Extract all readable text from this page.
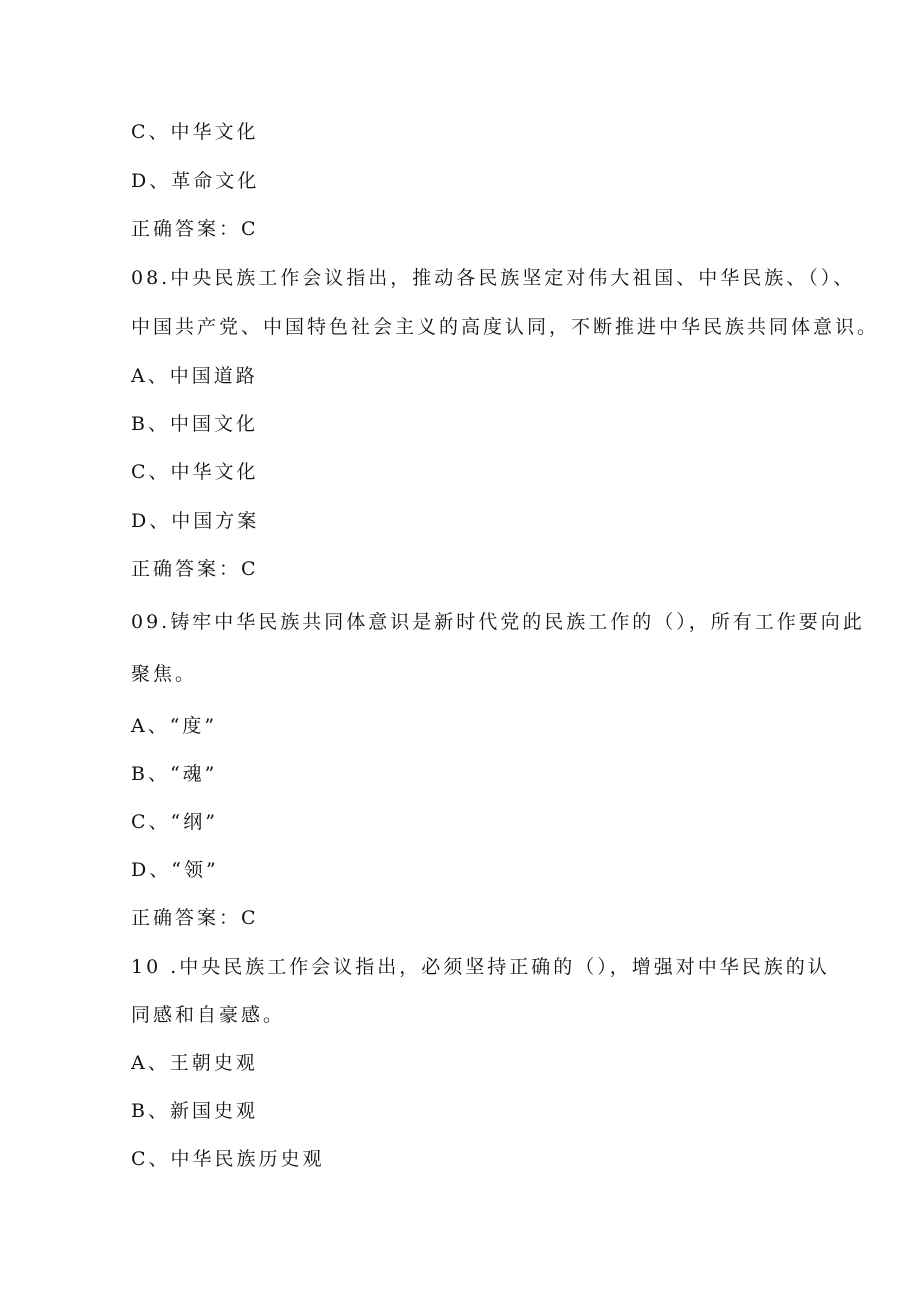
C、中华文化
D、革命文化
正确答案：C
08.中央民族工作会议指出，推动各民族坚定对伟大祖国、中华民族、（）、
中国共产党、中国特色社会主义的高度认同，不断推进中华民族共同体意识。
A、中国道路
B、中国文化
C、中华文化
D、中国方案
正确答案：C
09.铸牢中华民族共同体意识是新时代党的民族工作的（），所有工作要向此
聚焦。
A、“度”
B、“魂”
C、“纲”
D、“领”
正确答案：C
10 .中央民族工作会议指出，必须坚持正确的（），增强对中华民族的认
同感和自豪感。
A、王朝史观
B、新国史观
C、中华民族历史观
